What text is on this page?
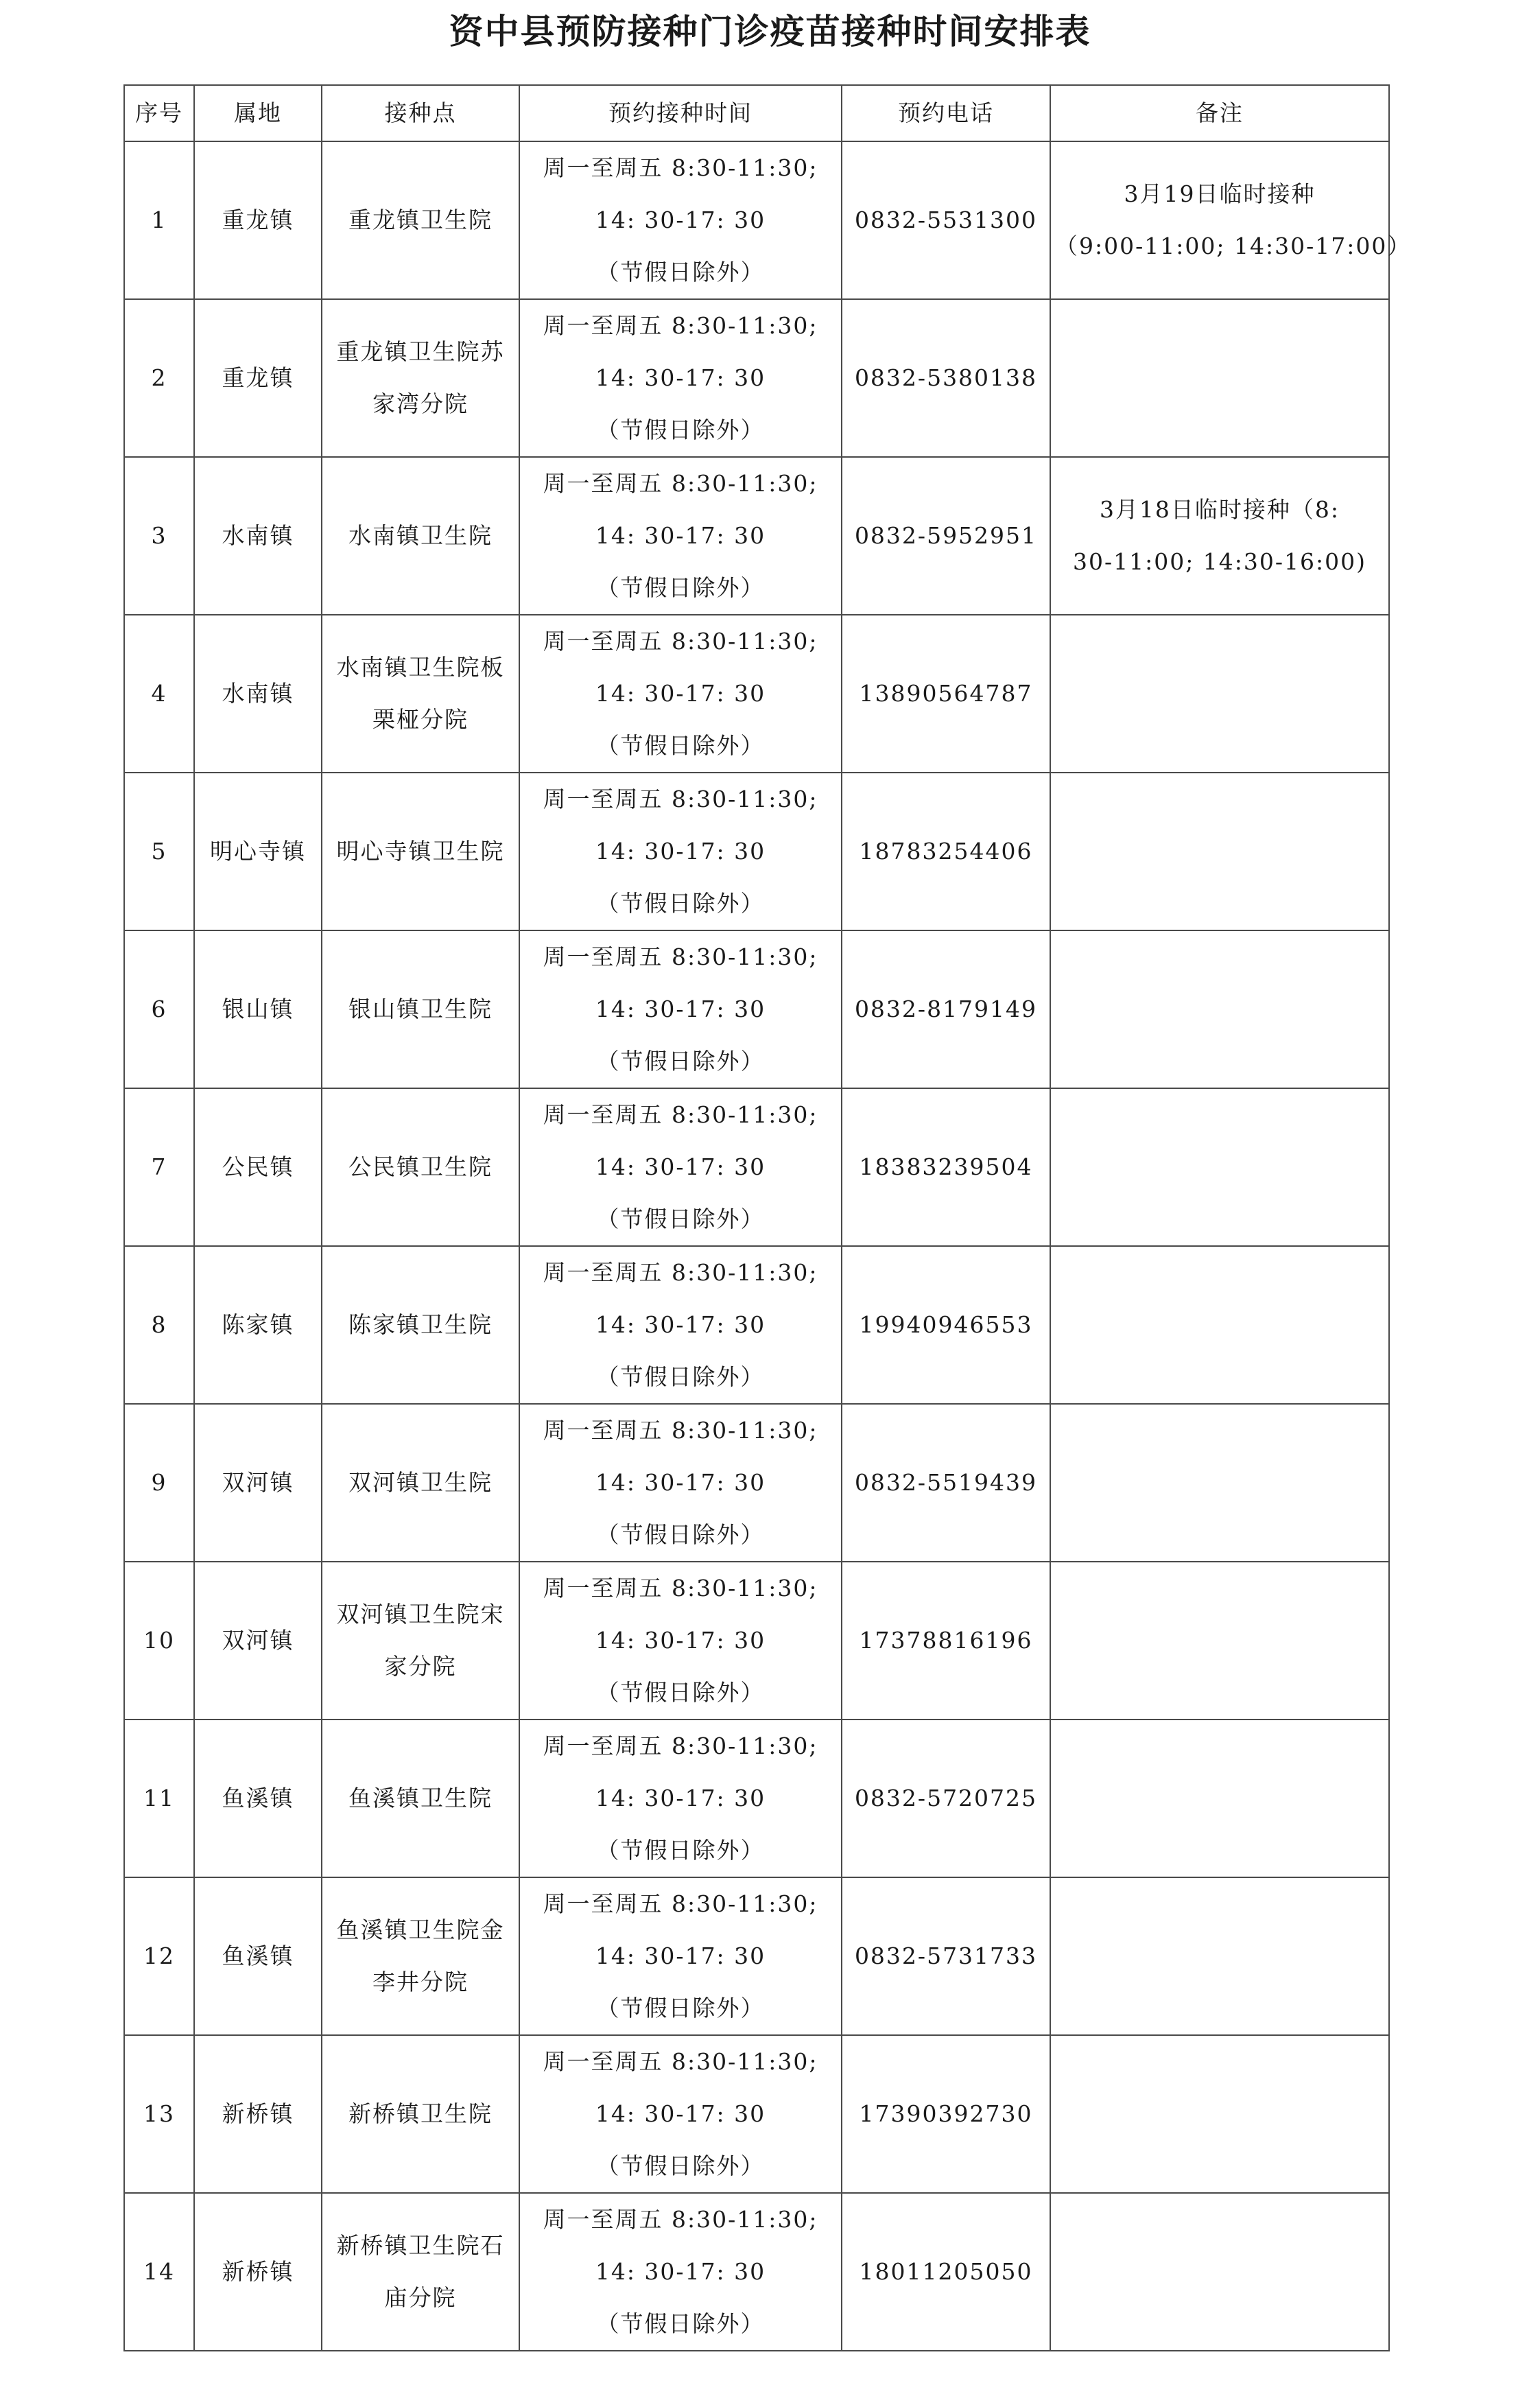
资中县预防接种门诊疫苗接种时间安排表
序号	属地	接种点	预约接种时间	预约电话	备注
1	重龙镇	重龙镇卫生院	周一至周五 8:30-11:30;
14: 30-17: 30
（节假日除外）	0832-5531300	3月19日临时接种
（9:00-11:00; 14:30-17:00）

2	重龙镇	重龙镇卫生院苏家湾分院	周一至周五 8:30-11:30;
14: 30-17: 30
（节假日除外）	0832-5380138	
3	水南镇	水南镇卫生院	周一至周五 8:30-11:30;
14: 30-17: 30
（节假日除外）	0832-5952951	3月18日临时接种（8:
30-11:00; 14:30-16:00)

4	水南镇	水南镇卫生院板栗桠分院	周一至周五 8:30-11:30;
14: 30-17: 30
（节假日除外）	13890564787	
5	明心寺镇	明心寺镇卫生院	周一至周五 8:30-11:30;
14: 30-17: 30
（节假日除外）	18783254406	
6	银山镇	银山镇卫生院	周一至周五 8:30-11:30;
14: 30-17: 30
（节假日除外）	0832-8179149	
7	公民镇	公民镇卫生院	周一至周五 8:30-11:30;
14: 30-17: 30
（节假日除外）	18383239504	
8	陈家镇	陈家镇卫生院	周一至周五 8:30-11:30;
14: 30-17: 30
（节假日除外）	19940946553	
9	双河镇	双河镇卫生院	周一至周五 8:30-11:30;
14: 30-17: 30
（节假日除外）	0832-5519439	
10	双河镇	双河镇卫生院宋家分院	周一至周五 8:30-11:30;
14: 30-17: 30
（节假日除外）	17378816196	
11	鱼溪镇	鱼溪镇卫生院	周一至周五 8:30-11:30;
14: 30-17: 30
（节假日除外）	0832-5720725	
12	鱼溪镇	鱼溪镇卫生院金李井分院	周一至周五 8:30-11:30;
14: 30-17: 30
（节假日除外）	0832-5731733	
13	新桥镇	新桥镇卫生院	周一至周五 8:30-11:30;
14: 30-17: 30
（节假日除外）	17390392730	
14	新桥镇	新桥镇卫生院石庙分院	周一至周五 8:30-11:30;
14: 30-17: 30
（节假日除外）	18011205050	
